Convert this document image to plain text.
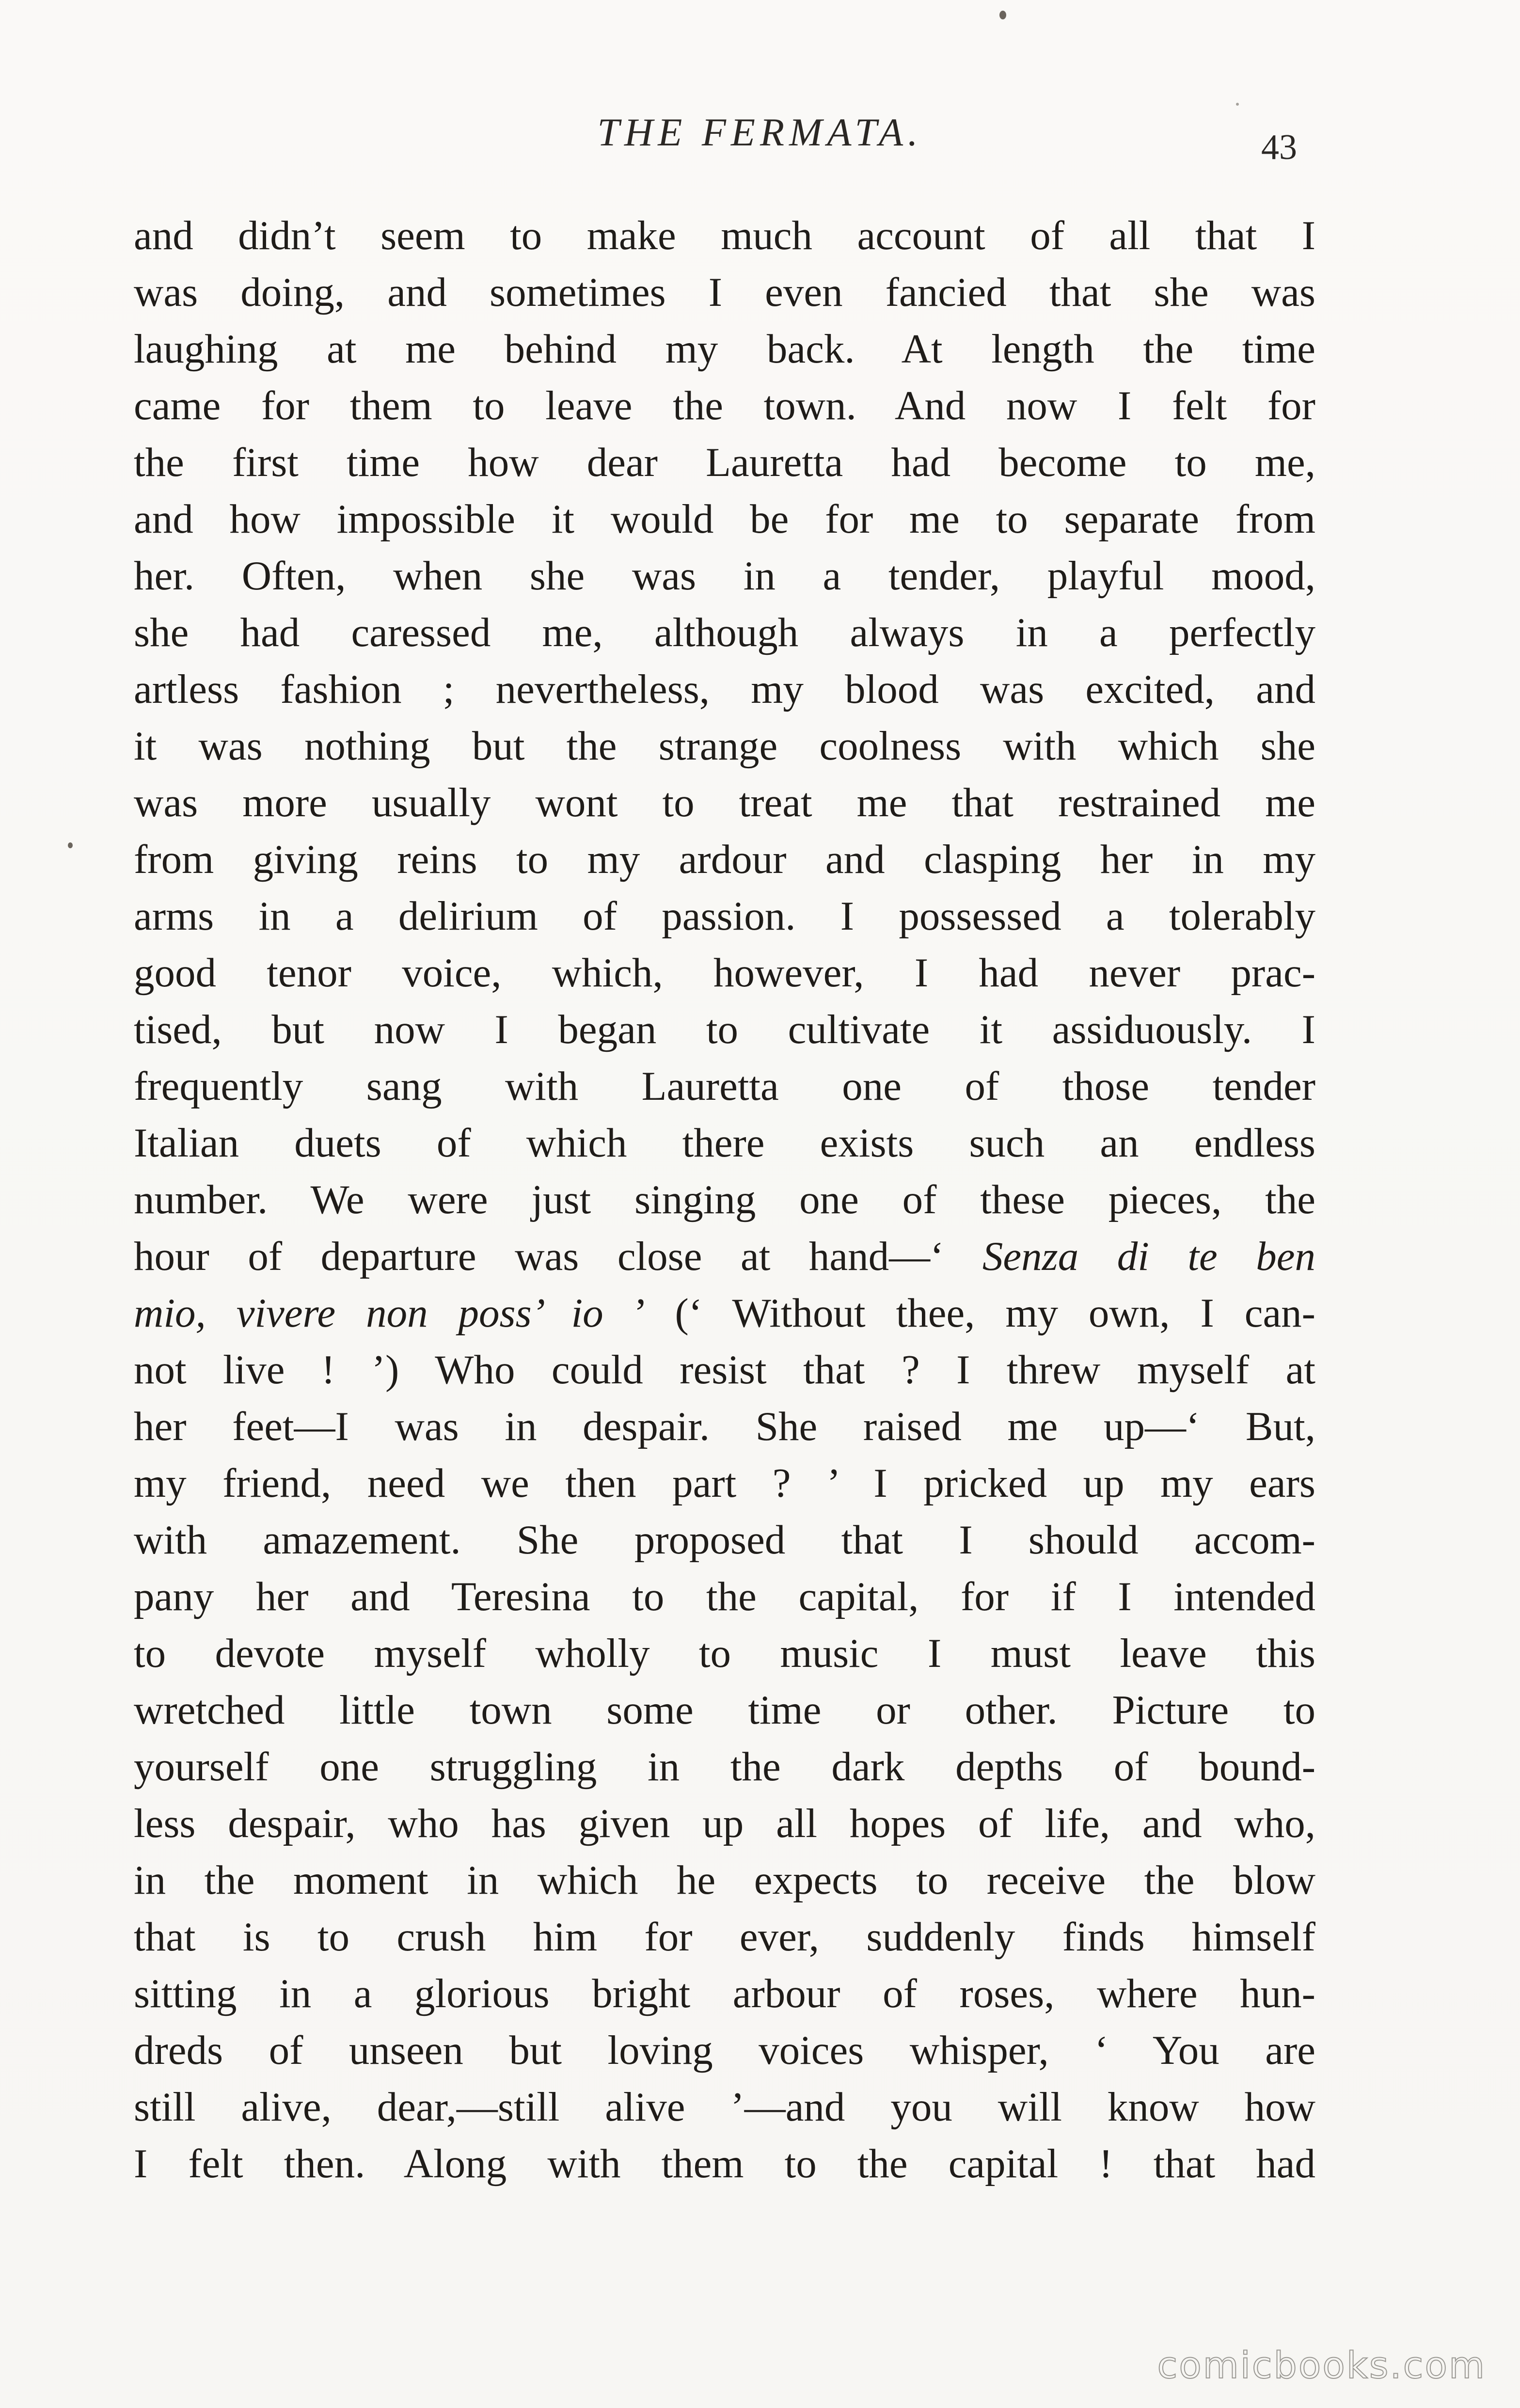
THE FERMATA.	43
and didn’t seem to make much account of all that I
was doing, and sometimes I even fancied that she was
laughing at me behind my back. At length the time
came for them to leave the town. And now I felt for
the first time how dear Lauretta had become to me,
and how impossible it would be for me to separate from
her. Often, when she was in a tender, playful mood,
she had caressed me, although always in a perfectly
artless fashion ; nevertheless, my blood was excited, and
it was nothing but the strange coolness with which she
was more usually wont to treat me that restrained me
from giving reins to my ardour and clasping her in my
arms in a delirium of passion. I possessed a tolerably
good tenor voice, which, however, I had never prac-
tised, but now I began to cultivate it assiduously. I
frequently sang with Lauretta one of those tender
Italian duets of which there exists such an endless
number. We were just singing one of these pieces, the
hour of departure was close at hand—‘ Senza di te ben
mio, vivere non poss’ io ’ (‘ Without thee, my own, I can-
not live ! ’) Who could resist that ? I threw myself at
her feet—I was in despair. She raised me up—‘ But,
my friend, need we then part ? ’ I pricked up my ears
with amazement. She proposed that I should accom-
pany her and Teresina to the capital, for if I intended
to devote myself wholly to music I must leave this
wretched little town some time or other. Picture to
yourself one struggling in the dark depths of bound-
less despair, who has given up all hopes of life, and who,
in the moment in which he expects to receive the blow
that is to crush him for ever, suddenly finds himself
sitting in a glorious bright arbour of roses, where hun-
dreds of unseen but loving voices whisper, ‘ You are
still alive, dear,—still alive ’—and you will know how
I felt then. Along with them to the capital ! that had
comicbooks.com
